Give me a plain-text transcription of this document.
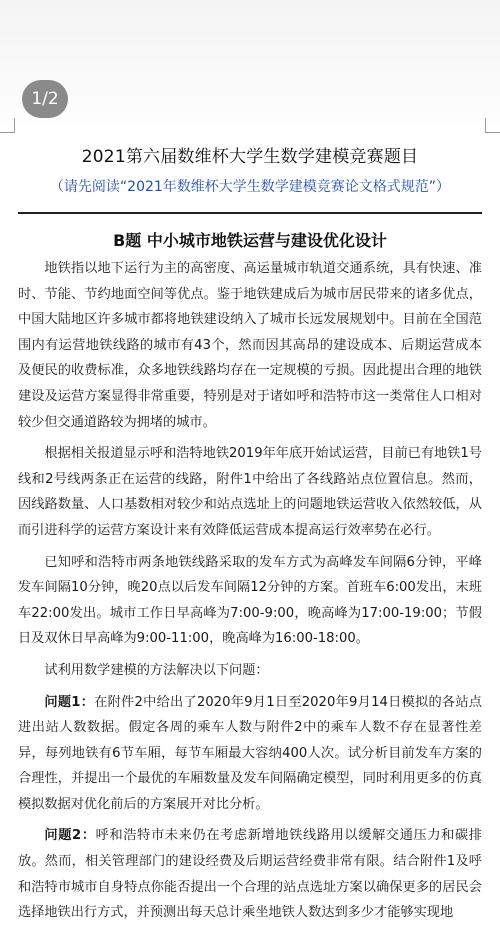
1/2
2021第六届数维杯大学生数学建模竞赛题目
（请先阅读“2021年数维杯大学生数学建模竞赛论文格式规范”）
B题 中小城市地铁运营与建设优化设计

地铁指以地下运行为主的高密度、高运量城市轨道交通系统，具有快速、准时、节能、节约地面空间等优点。鉴于地铁建成后为城市居民带来的诸多优点，中国大陆地区许多城市都将地铁建设纳入了城市长远发展规划中。目前在全国范围内有运营地铁线路的城市有43个，然而因其高昂的建设成本、后期运营成本及便民的收费标准，众多地铁线路均存在一定规模的亏损。因此提出合理的地铁建设及运营方案显得非常重要，特别是对于诸如呼和浩特市这一类常住人口相对较少但交通道路较为拥堵的城市。

根据相关报道显示呼和浩特地铁2019年年底开始试运营，目前已有地铁1号线和2号线两条正在运营的线路，附件1中给出了各线路站点位置信息。然而，因线路数量、人口基数相对较少和站点选址上的问题地铁运营收入依然较低，从而引进科学的运营方案设计来有效降低运营成本提高运行效率势在必行。

已知呼和浩特市两条地铁线路采取的发车方式为高峰发车间隔6分钟，平峰发车间隔10分钟，晚20点以后发车间隔12分钟的方案。首班车6:00发出，末班车22:00发出。城市工作日早高峰为7:00-9:00，晚高峰为17:00-19:00；节假日及双休日早高峰为9:00-11:00，晚高峰为16:00-18:00。

试利用数学建模的方法解决以下问题：

问题1：在附件2中给出了2020年9月1日至2020年9月14日模拟的各站点进出站人数数据。假定各周的乘车人数与附件2中的乘车人数不存在显著性差异，每列地铁有6节车厢，每节车厢最大容纳400人次。试分析目前发车方案的合理性，并提出一个最优的车厢数量及发车间隔确定模型，同时利用更多的仿真模拟数据对优化前后的方案展开对比分析。

问题2：呼和浩特市未来仍在考虑新增地铁线路用以缓解交通压力和碳排放。然而，相关管理部门的建设经费及后期运营经费非常有限。结合附件1及呼和浩特市城市自身特点你能否提出一个合理的站点选址方案以确保更多的居民会选择地铁出行方式，并预测出每天总计乘坐地铁人数达到多少才能够实现地
